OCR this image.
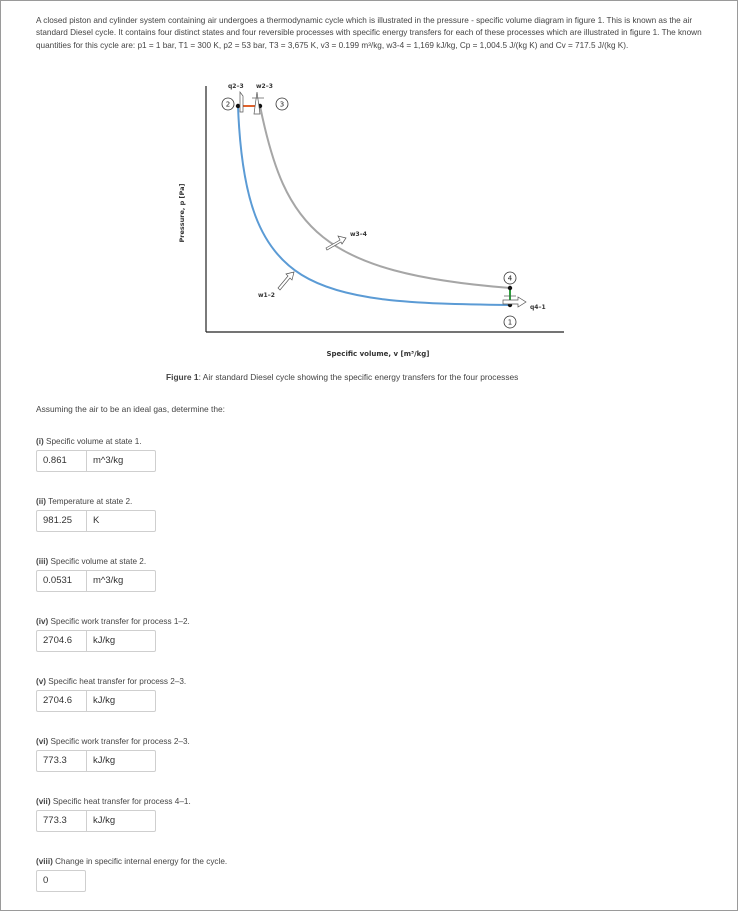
A closed piston and cylinder system containing air undergoes a thermodynamic cycle which is illustrated in the pressure - specific volume diagram in figure 1. This is known as the air standard Diesel cycle. It contains four distinct states and four reversible processes with specific energy transfers for each of these processes which are illustrated in figure 1. The known quantities for this cycle are: p1 = 1 bar, T1 = 300 K, p2 = 53 bar, T3 = 3,675 K, v3 = 0.199 m³/kg, w3-4 = 1,169 kJ/kg, Cp = 1,004.5 J/(kg K) and Cv = 717.5 J/(kg K).
Pressure, p [Pa]
Specific volume, v [m³/kg]
2	3
4
1
q2–3 w2–3
w3–4
w1–2
q4–1
Figure 1: Air standard Diesel cycle showing the specific energy transfers for the four processes
Assuming the air to be an ideal gas, determine the:
(i) Specific volume at state 1.
0.861	m^3/kg
(ii) Temperature at state 2.
981.25	K
(iii) Specific volume at state 2.
0.0531	m^3/kg
(iv) Specific work transfer for process 1–2.
2704.6	kJ/kg
(v) Specific heat transfer for process 2–3.
2704.6	kJ/kg
(vi) Specific work transfer for process 2–3.
773.3	kJ/kg
(vii) Specific heat transfer for process 4–1.
773.3	kJ/kg
(viii) Change in specific internal energy for the cycle.
0
